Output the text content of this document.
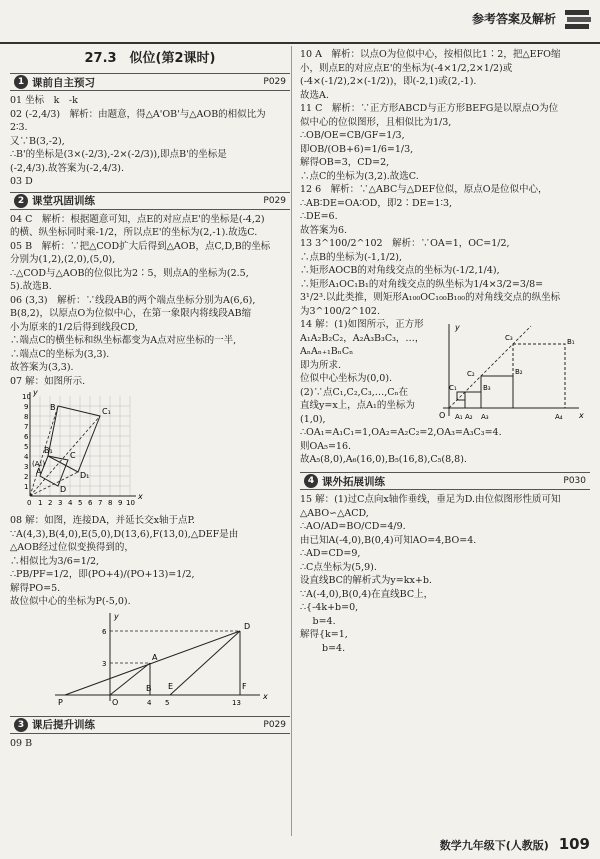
参考答案及解析
27.3　似位(第2课时)
1 课前自主预习	P029
01 坐标　k　-k
02 (-2,4/3)　解析：由题意，得△A'OB'与△AOB的相似比为
2∶3.
又∵B(3,-2),
∴B'的坐标是(3×(-2/3),-2×(-2/3)),即点B'的坐标是
(-2,4/3).故答案为(-2,4/3).
03 D
2 课堂巩固训练	P029
04 C　解析：根据题意可知，点E的对应点E'的坐标是(-4,2)
的横、纵坐标同时乘-1/2，所以点E'的坐标为(2,-1).故选C.
05 B　解析：∵把△COD扩大后得到△AOB，点C,D,B的坐标
分别为(1,2),(2,0),(5,0),
∴△COD与△AOB的位似比为2∶5，则点A的坐标为(2.5,
5).故选B.
06 (3,3)　解析：∵线段AB的两个端点坐标分别为A(6,6),
B(8,2)，以原点O为位似中心，在第一象限内将线段AB缩
小为原来的1/2后得到线段CD,
∴端点C的横坐标和纵坐标都变为A点对应坐标的一半,
∴端点C的坐标为(3,3).
故答案为(3,3).
07 解：如图所示.
10
9
8
7
6
5
4
3
2
1
0 1 2 3 4 5 6 7 8 9 10
x
y
C₁
B
A
C
B₁
D₁
D
(A₁)
08 解：如图，连接DA，并延长交x轴于点P.
∵A(4,3),B(4,0),E(5,0),D(13,6),F(13,0),△DEF是由
△AOB经过位似变换得到的，
∴相似比为3/6=1/2,
∴PB/PF=1/2，即(PO+4)/(PO+13)=1/2,
解得PO=5.
故位似中心的坐标为P(-5,0).
y
x
O
P
B
4 5
E
13
F
A
D
6
3
3 课后提升训练	P029
09 B
10 A　解析：以点O为位似中心，按相似比1∶2，把△EFO缩
小，则点E的对应点E'的坐标为(-4×1/2,2×1/2)或
(-4×(-1/2),2×(-1/2))，即(-2,1)或(2,-1).
故选A.
11 C　解析：∵正方形ABCD与正方形BEFG是以原点O为位
似中心的位似图形，且相似比为1/3,
∴OB/OE=CB/GF=1/3,
即OB/(OB+6)=1/6=1/3,
解得OB=3，CD=2,
∴点C的坐标为(3,2).故选C.
12 6　解析：∵△ABC与△DEF位似，原点O是位似中心，
∴AB∶DE=OA∶OD，即2∶DE=1∶3,
∴DE=6.
故答案为6.
13 3^100/2^102　解析：∵OA=1，OC=1/2,
∴点B的坐标为(-1,1/2),
∴矩形AOCB的对角线交点的坐标为(-1/2,1/4),
∴矩形A₁OC₁B₁的对角线交点的纵坐标为1/4×3/2=3/8=
3¹/2³.以此类推，则矩形A₁₀₀OC₁₀₀B₁₀₀的对角线交点的纵坐标
为3^100/2^102.
14 解：(1)如图所示，正方形
A₁A₂B₂C₂，A₂A₃B₃C₃，…，
AₙAₙ₊₁BₙCₙ
即为所求.
位似中心坐标为(0,0).
(2)∵点C₁,C₂,C₃,…,Cₙ在
直线y=x上，点A₁的坐标为
(1,0),
y
x
O A₁ A₂ A₃	A₄
B₁
B₂
B₃
C₁
C₂
C₃
∴OA₁=A₁C₁=1,OA₂=A₂C₂=2,OA₃=A₃C₃=4.
则OA₅=16.
故A₅(8,0),A₆(16,0),B₅(16,8),C₅(8,8).
4 课外拓展训练	P030
15 解：(1)过C点向x轴作垂线，垂足为D.由位似图形性质可知
△ABO∽△ACD,
∴AO/AD=BO/CD=4/9.
由已知A(-4,0),B(0,4)可知AO=4,BO=4.
∴AD=CD=9,
∴C点坐标为(5,9).
设直线BC的解析式为y=kx+b.
∵A(-4,0),B(0,4)在直线BC上，
∴{-4k+b=0,
　 b=4.
解得{k=1,
　　 b=4.
数学九年级下(人教版) 109
